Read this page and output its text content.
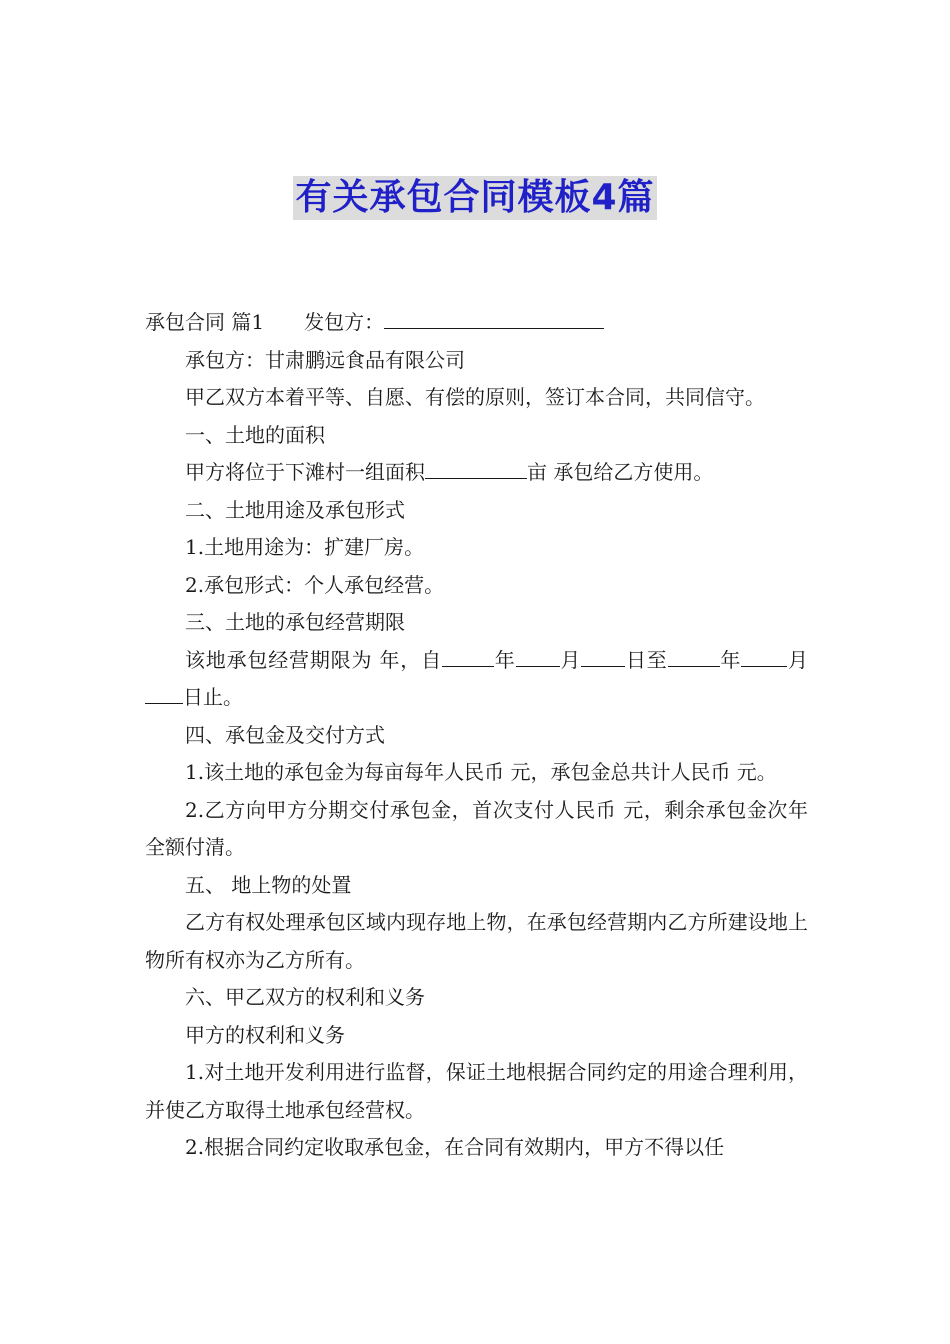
有关承包合同模板4篇

承包合同 篇1 发包方：

承包方：甘肃鹏远食品有限公司

甲乙双方本着平等、自愿、有偿的原则，签订本合同，共同信守。

一、土地的面积

甲方将位于下滩村一组面积	亩 承包给乙方使用。

二、土地用途及承包形式

1.土地用途为：扩建厂房。

2.承包形式：个人承包经营。

三、土地的承包经营期限

该地承包经营期限为 年，自	年 月 日至	年 月日止。

四、承包金及交付方式

1.该土地的承包金为每亩每年人民币 元，承包金总共计人民币 元。

2.乙方向甲方分期交付承包金，首次支付人民币 元，剩余承包金次年全额付清。

五、 地上物的处置

乙方有权处理承包区域内现存地上物，在承包经营期内乙方所建设地上物所有权亦为乙方所有。

六、甲乙双方的权利和义务

甲方的权利和义务

1.对土地开发利用进行监督，保证土地根据合同约定的用途合理利用，并使乙方取得土地承包经营权。

2.根据合同约定收取承包金，在合同有效期内，甲方不得以任
